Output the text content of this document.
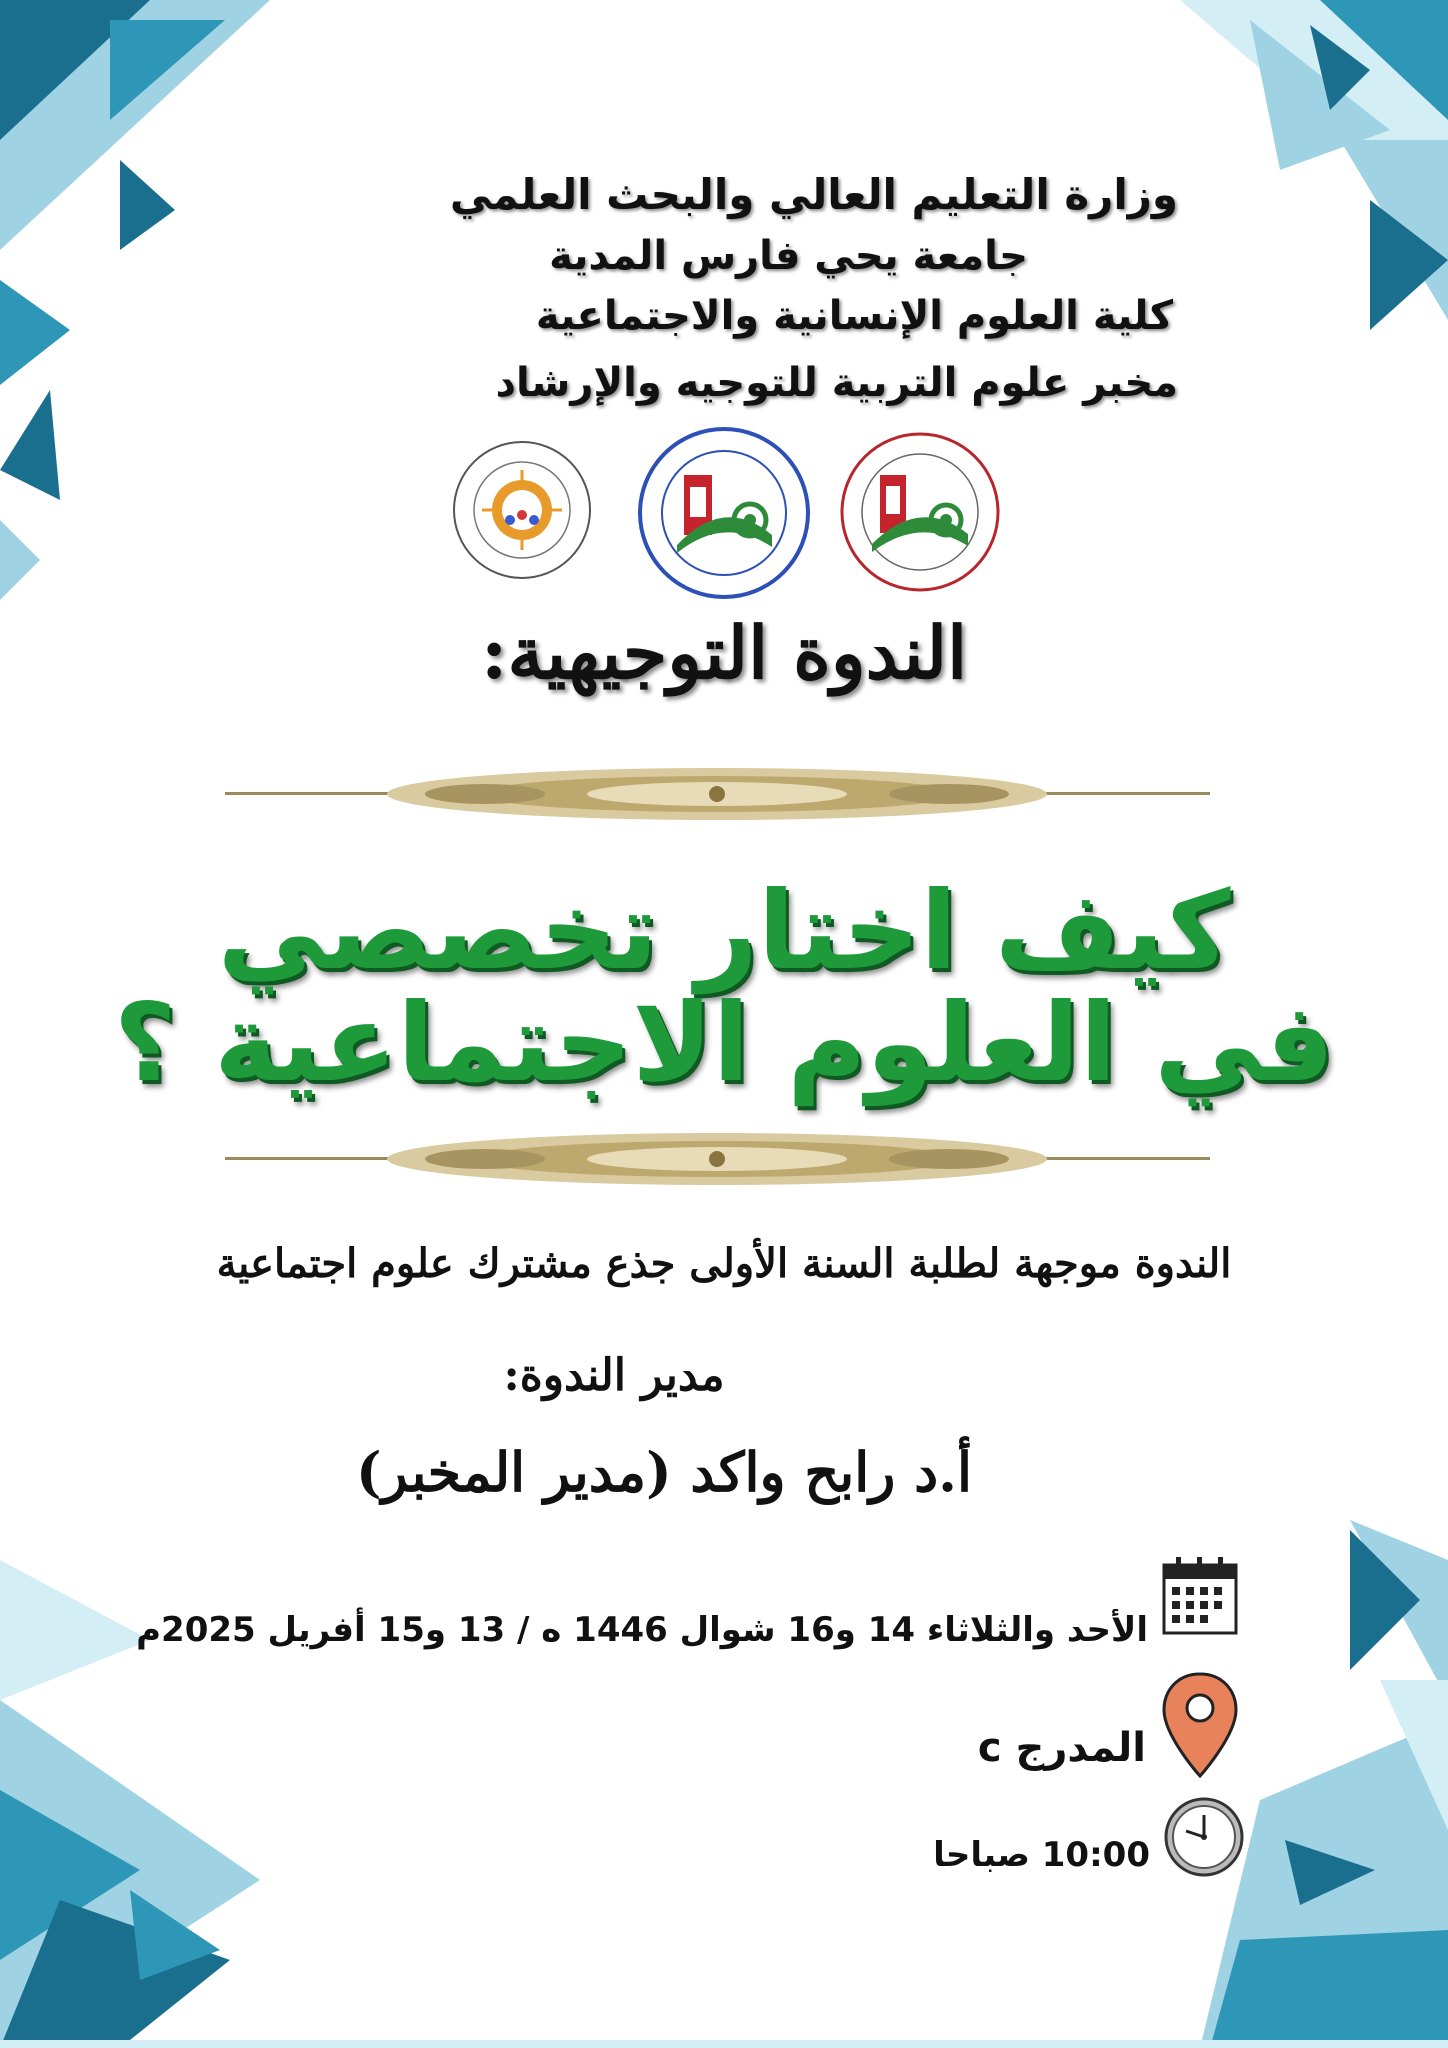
وزارة التعليم العالي والبحث العلمي
جامعة يحي فارس المدية
كلية العلوم الإنسانية والاجتماعية
مخبر علوم التربية للتوجيه والإرشاد
الندوة التوجيهية:
كيف اختار تخصصي
في العلوم الاجتماعية ؟
الندوة موجهة لطلبة السنة الأولى جذع مشترك علوم اجتماعية
مدير الندوة:
أ.د رابح واكد (مدير المخبر)
الأحد والثلاثاء 14 و16 شوال 1446 ه / 13 و15 أفريل 2025م
المدرج c
10:00 صباحا
